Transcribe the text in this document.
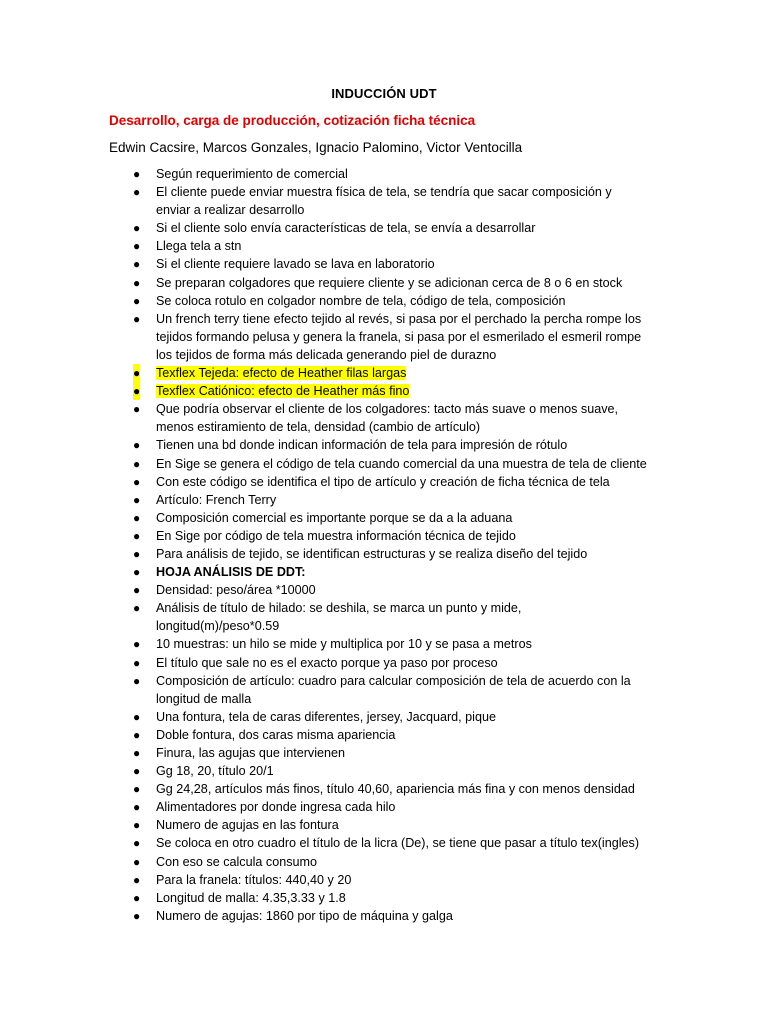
INDUCCIÓN UDT
Desarrollo, carga de producción, cotización ficha técnica
Edwin Cacsire, Marcos Gonzales, Ignacio Palomino, Victor Ventocilla
● Según requerimiento de comercial
● El cliente puede enviar muestra física de tela, se tendría que sacar composición y
enviar a realizar desarrollo
● Si el cliente solo envía características de tela, se envía a desarrollar
● Llega tela a stn
● Si el cliente requiere lavado se lava en laboratorio
● Se preparan colgadores que requiere cliente y se adicionan cerca de 8 o 6 en stock
● Se coloca rotulo en colgador nombre de tela, código de tela, composición
● Un french terry tiene efecto tejido al revés, si pasa por el perchado la percha rompe los
tejidos formando pelusa y genera la franela, si pasa por el esmerilado el esmeril rompe
los tejidos de forma más delicada generando piel de durazno
● Texflex Tejeda: efecto de Heather filas largas
● Texflex Catiónico: efecto de Heather más fino
● Que podría observar el cliente de los colgadores: tacto más suave o menos suave,
menos estiramiento de tela, densidad (cambio de artículo)
● Tienen una bd donde indican información de tela para impresión de rótulo
● En Sige se genera el código de tela cuando comercial da una muestra de tela de cliente
● Con este código se identifica el tipo de artículo y creación de ficha técnica de tela
● Artículo: French Terry
● Composición comercial es importante porque se da a la aduana
● En Sige por código de tela muestra información técnica de tejido
● Para análisis de tejido, se identifican estructuras y se realiza diseño del tejido
● HOJA ANÁLISIS DE DDT:
● Densidad: peso/área *10000
● Análisis de título de hilado: se deshila, se marca un punto y mide,
longitud(m)/peso*0.59
● 10 muestras: un hilo se mide y multiplica por 10 y se pasa a metros
● El título que sale no es el exacto porque ya paso por proceso
● Composición de artículo: cuadro para calcular composición de tela de acuerdo con la
longitud de malla
● Una fontura, tela de caras diferentes, jersey, Jacquard, pique
● Doble fontura, dos caras misma apariencia
● Finura, las agujas que intervienen
● Gg 18, 20, título 20/1
● Gg 24,28, artículos más finos, título 40,60, apariencia más fina y con menos densidad
● Alimentadores por donde ingresa cada hilo
● Numero de agujas en las fontura
● Se coloca en otro cuadro el título de la licra (De), se tiene que pasar a título tex(ingles)
● Con eso se calcula consumo
● Para la franela: títulos: 440,40 y 20
● Longitud de malla: 4.35,3.33 y 1.8
● Numero de agujas: 1860 por tipo de máquina y galga
